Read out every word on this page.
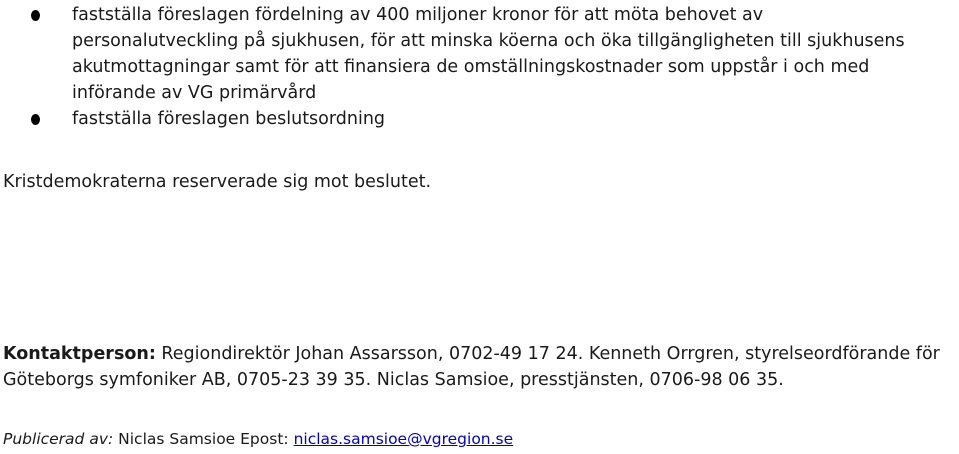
fastställa föreslagen fördelning av 400 miljoner kronor för att möta behovet av personalutveckling på sjukhusen, för att minska köerna och öka tillgängligheten till sjukhusens akutmottagningar samt för att finansiera de omställningskostnader som uppstår i och med införande av VG primärvård
fastställa föreslagen beslutsordning
Kristdemokraterna reserverade sig mot beslutet.
Kontaktperson: Regiondirektör Johan Assarsson, 0702-49 17 24. Kenneth Orrgren, styrelseordförande för Göteborgs symfoniker AB, 0705-23 39 35. Niclas Samsioe, presstjänsten, 0706-98 06 35.
Publicerad av: Niclas Samsioe Epost: niclas.samsioe@vgregion.se
